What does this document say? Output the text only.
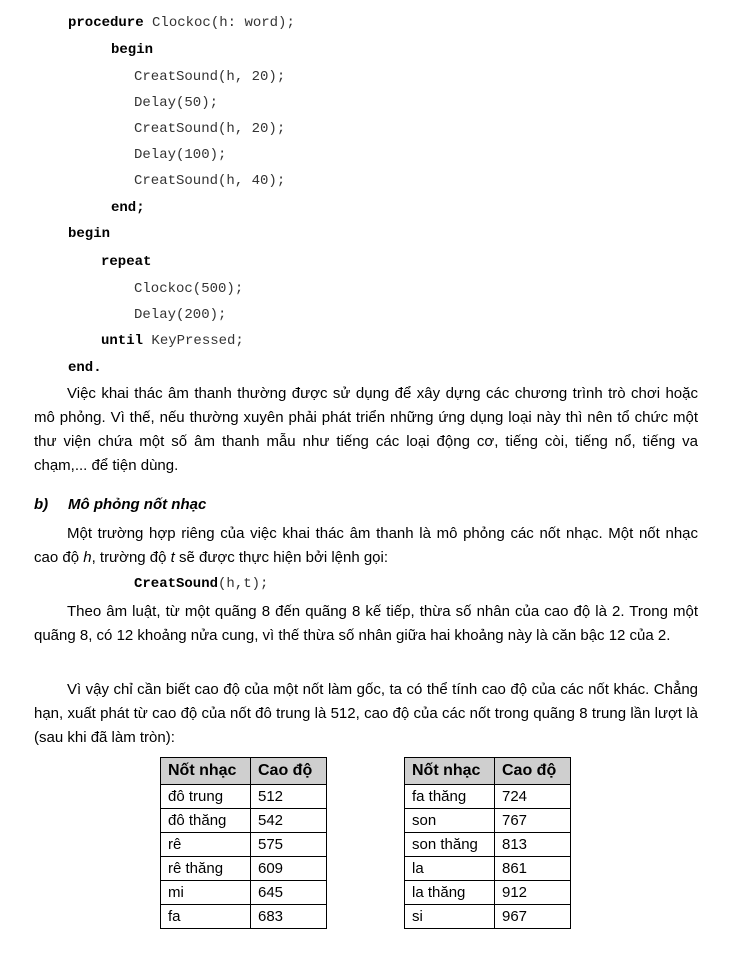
procedure Clockoc(h: word);
begin
CreatSound(h, 20);
Delay(50);
CreatSound(h, 20);
Delay(100);
CreatSound(h, 40);
end;
begin
repeat
Clockoc(500);
Delay(200);
until KeyPressed;
end.
Việc khai thác âm thanh thường được sử dụng để xây dựng các chương trình trò chơi hoặc mô phỏng. Vì thế, nếu thường xuyên phải phát triển những ứng dụng loại này thì nên tổ chức một thư viện chứa một số âm thanh mẫu như tiếng các loại động cơ, tiếng còi, tiếng nổ, tiếng va chạm,... để tiện dùng.
b) Mô phỏng nốt nhạc
Một trường hợp riêng của việc khai thác âm thanh là mô phỏng các nốt nhạc. Một nốt nhạc cao độ h, trường độ t sẽ được thực hiện bởi lệnh gọi:
CreatSound(h,t);
Theo âm luật, từ một quãng 8 đến quãng 8 kế tiếp, thừa số nhân của cao độ là 2. Trong một quãng 8, có 12 khoảng nửa cung, vì thế thừa số nhân giữa hai khoảng này là căn bậc 12 của 2.
Vì vậy chỉ cần biết cao độ của một nốt làm gốc, ta có thể tính cao độ của các nốt khác. Chẳng hạn, xuất phát từ cao độ của nốt đô trung là 512, cao độ của các nốt trong quãng 8 trung lần lượt là (sau khi đã làm tròn):
Nốt nhạc	Cao độ
đô trung	512
đô thăng	542
rê	575
rê thăng	609
mi	645
fa	683
Nốt nhạc	Cao độ
fa thăng	724
son	767
son thăng	813
la	861
la thăng	912
si	967
